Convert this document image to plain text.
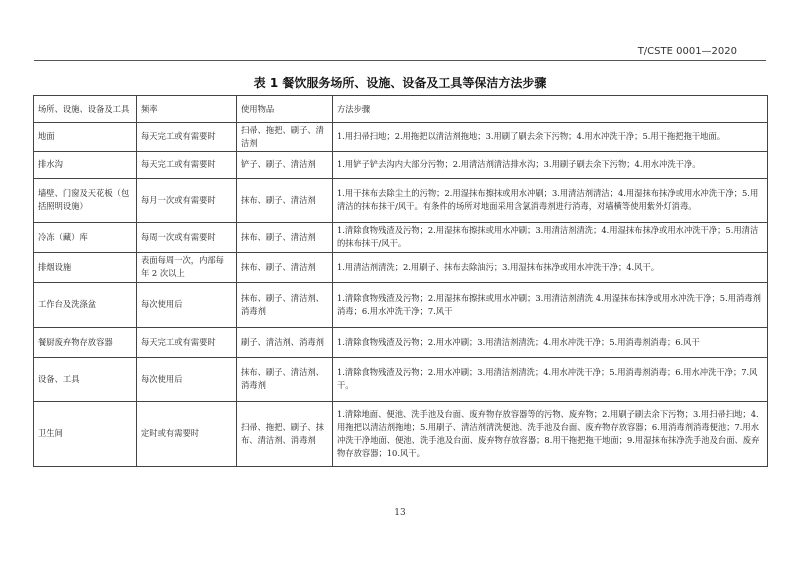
T/CSTE 0001—2020
表 1 餐饮服务场所、设施、设备及工具等保洁方法步骤
场所、设施、设备及工具	频率	使用物品	方法步骤
地面	每天完工或有需要时	扫帚、拖把、刷子、清洁剂	1.用扫帚扫地；2.用拖把以清洁剂拖地；3.用刷了刷去余下污物；4.用水冲洗干净；5.用干拖把拖干地面。
排水沟	每天完工或有需要时	铲子、刷子、清洁剂	1.用铲子铲去沟内大部分污物；2.用清洁剂清洁排水沟；3.用刷子刷去余下污物；4.用水冲洗干净。
墙壁、门窗及天花板（包括照明设施）	每月一次或有需要时	抹布、刷子、清洁剂	1.用干抹布去除尘土的污物；2.用湿抹布擦抹或用水冲刷；3.用清洁剂清洁；4.用湿抹布抹净或用水冲洗干净；5.用清洁的抹布抹干/风干。有条件的场所对地面采用含氯消毒剂进行消毒，对墙横等使用紫外灯消毒。
冷冻（藏）库	每周一次或有需要时	抹布、刷子、清洁剂	1.清除食物残渣及污物；2.用湿抹布擦抹或用水冲刷；3.用清洁剂清洗；4.用湿抹布抹净或用水冲洗干净；5.用清洁的抹布抹干/风干。
排烟设施	表面每周一次，内部每年 2 次以上	抹布、刷子、清洁剂	1.用清洁剂清洗；2.用刷子、抹布去除油污；3.用湿抹布抹净或用水冲洗干净；4.风干。
工作台及洗涤盆	每次使用后	抹布、刷子、清洁剂、消毒剂	1.清除食物残渣及污物；2.用湿抹布擦抹或用水冲刷；3.用清洁剂清洗 4.用湿抹布抹净或用水冲洗干净；5.用消毒剂消毒；6.用水冲洗干净；7.风干
餐厨废弃物存放容器	每天完工或有需要时	刷子、清洁剂、消毒剂	1.清除食物残渣及污物；2.用水冲刷；3.用清洁剂清洗；4.用水冲洗干净；5.用消毒剂消毒；6.风干
设备、工具	每次使用后	抹布、刷子、清洁剂、消毒剂	1.清除食物残渣及污物；2.用水冲刷；3.用清洁剂清洗；4.用水冲洗干净；5.用消毒剂消毒；6.用水冲洗干净；7.风干。
卫生间	定时或有需要时	扫帚、拖把、刷子、抹布、清洁剂、消毒剂	1.清除地面、便池、洗手池及台面、废弃物存放容器等的污物、废弃物；2.用刷子刷去余下污物；3.用扫帚扫地；4.用拖把以清洁剂拖地；5.用刷子、清洁剂清洗便池、洗手池及台面、废弃物存放容器；6.用消毒剂消毒便池；7.用水冲洗干净地面、便池、洗手池及台面、废弃物存放容器；8.用干拖把拖干地面；9.用湿抹布抹净洗手池及台面、废弃物存放容器；10.风干。
13
